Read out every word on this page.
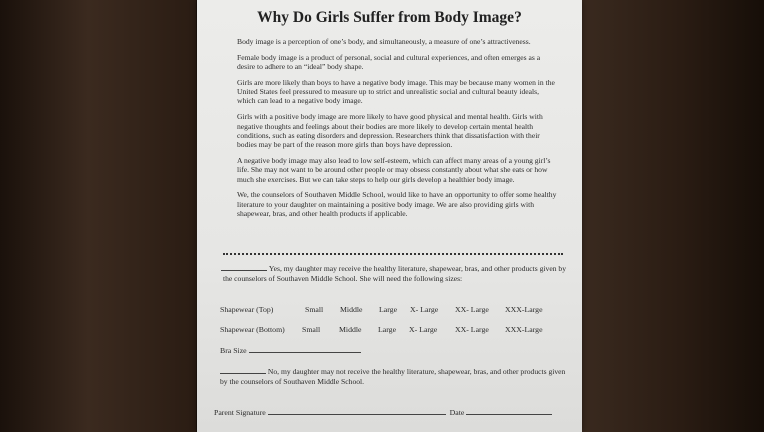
Why Do Girls Suffer from Body Image?

Body image is a perception of one’s body, and simultaneously, a measure of one’s attractiveness.

Female body image is a product of personal, social and cultural experiences, and often emerges as a desire to adhere to an “ideal” body shape.

Girls are more likely than boys to have a negative body image. This may be because many women in the United States feel pressured to measure up to strict and unrealistic social and cultural beauty ideals, which can lead to a negative body image.

Girls with a positive body image are more likely to have good physical and mental health. Girls with negative thoughts and feelings about their bodies are more likely to develop certain mental health conditions, such as eating disorders and depression. Researchers think that dissatisfaction with their bodies may be part of the reason more girls than boys have depression.

A negative body image may also lead to low self-esteem, which can affect many areas of a young girl’s life. She may not want to be around other people or may obsess constantly about what she eats or how much she exercises. But we can take steps to help our girls develop a healthier body image.

We, the counselors of Southaven Middle School, would like to have an opportunity to offer some healthy literature to your daughter on maintaining a positive body image. We are also providing girls with shapewear, bras, and other health products if applicable.

Yes, my daughter may receive the healthy literature, shapewear, bras, and other products given by the counselors of Southaven Middle School. She will need the following sizes:

Shapewear (Top)	Small Middle Large X- Large XX- Large XXX-Large
Shapewear (Bottom) Small Middle Large X- Large XX- Large XXX-Large
Bra Size
No, my daughter may not receive the healthy literature, shapewear, bras, and other products given by the counselors of Southaven Middle School.
Parent Signature	Date
